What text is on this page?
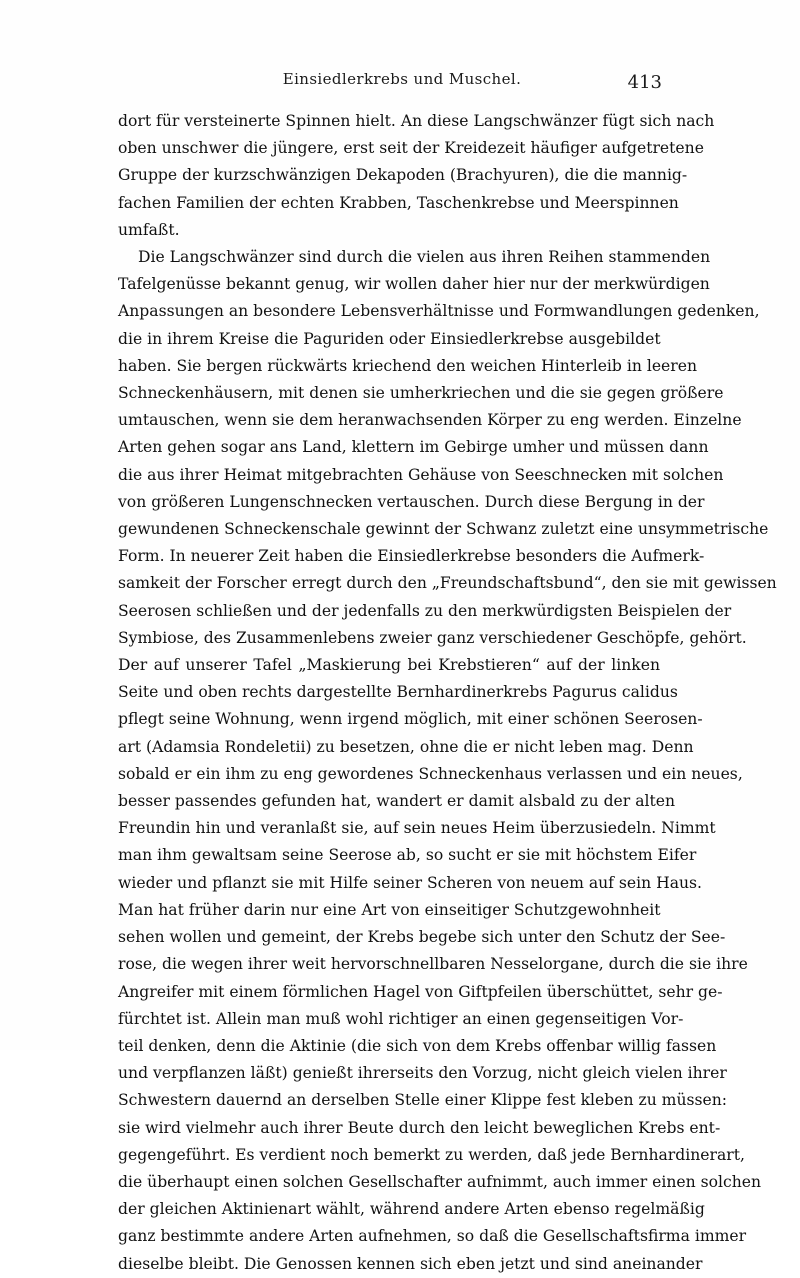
Einsiedlerkrebs und Muschel.	413
dort für versteinerte Spinnen hielt. An diese Langschwänzer fügt sich nach
oben unschwer die jüngere, erst seit der Kreidezeit häufiger aufgetretene
Gruppe der kurzschwänzigen Dekapoden (Brachyuren), die die mannig-
fachen Familien der echten Krabben, Taschenkrebse und Meerspinnen
umfaßt.
Die Langschwänzer sind durch die vielen aus ihren Reihen stammenden
Tafelgenüsse bekannt genug, wir wollen daher hier nur der merkwürdigen
Anpassungen an besondere Lebensverhältnisse und Formwandlungen gedenken,
die in ihrem Kreise die Paguriden oder Einsiedlerkrebse ausgebildet
haben. Sie bergen rückwärts kriechend den weichen Hinterleib in leeren
Schneckenhäusern, mit denen sie umherkriechen und die sie gegen größere
umtauschen, wenn sie dem heranwachsenden Körper zu eng werden. Einzelne
Arten gehen sogar ans Land, klettern im Gebirge umher und müssen dann
die aus ihrer Heimat mitgebrachten Gehäuse von Seeschnecken mit solchen
von größeren Lungenschnecken vertauschen. Durch diese Bergung in der
gewundenen Schneckenschale gewinnt der Schwanz zuletzt eine unsymmetrische
Form. In neuerer Zeit haben die Einsiedlerkrebse besonders die Aufmerk-
samkeit der Forscher erregt durch den „Freundschaftsbund“, den sie mit gewissen
Seerosen schließen und der jedenfalls zu den merkwürdigsten Beispielen der
Symbiose, des Zusammenlebens zweier ganz verschiedener Geschöpfe, gehört.
Der auf unserer Tafel „Maskierung bei Krebstieren“ auf der linken
Seite und oben rechts dargestellte Bernhardinerkrebs Pagurus calidus
pflegt seine Wohnung, wenn irgend möglich, mit einer schönen Seerosen-
art (Adamsia Rondeletii) zu besetzen, ohne die er nicht leben mag. Denn
sobald er ein ihm zu eng gewordenes Schneckenhaus verlassen und ein neues,
besser passendes gefunden hat, wandert er damit alsbald zu der alten
Freundin hin und veranlaßt sie, auf sein neues Heim überzusiedeln. Nimmt
man ihm gewaltsam seine Seerose ab, so sucht er sie mit höchstem Eifer
wieder und pflanzt sie mit Hilfe seiner Scheren von neuem auf sein Haus.
Man hat früher darin nur eine Art von einseitiger Schutzgewohnheit
sehen wollen und gemeint, der Krebs begebe sich unter den Schutz der See-
rose, die wegen ihrer weit hervorschnellbaren Nesselorgane, durch die sie ihre
Angreifer mit einem förmlichen Hagel von Giftpfeilen überschüttet, sehr ge-
fürchtet ist. Allein man muß wohl richtiger an einen gegenseitigen Vor-
teil denken, denn die Aktinie (die sich von dem Krebs offenbar willig fassen
und verpflanzen läßt) genießt ihrerseits den Vorzug, nicht gleich vielen ihrer
Schwestern dauernd an derselben Stelle einer Klippe fest kleben zu müssen:
sie wird vielmehr auch ihrer Beute durch den leicht beweglichen Krebs ent-
gegengeführt. Es verdient noch bemerkt zu werden, daß jede Bernhardinerart,
die überhaupt einen solchen Gesellschafter aufnimmt, auch immer einen solchen
der gleichen Aktinienart wählt, während andere Arten ebenso regelmäßig
ganz bestimmte andere Arten aufnehmen, so daß die Gesellschaftsfirma immer
dieselbe bleibt. Die Genossen kennen sich eben jetzt und sind aneinander
